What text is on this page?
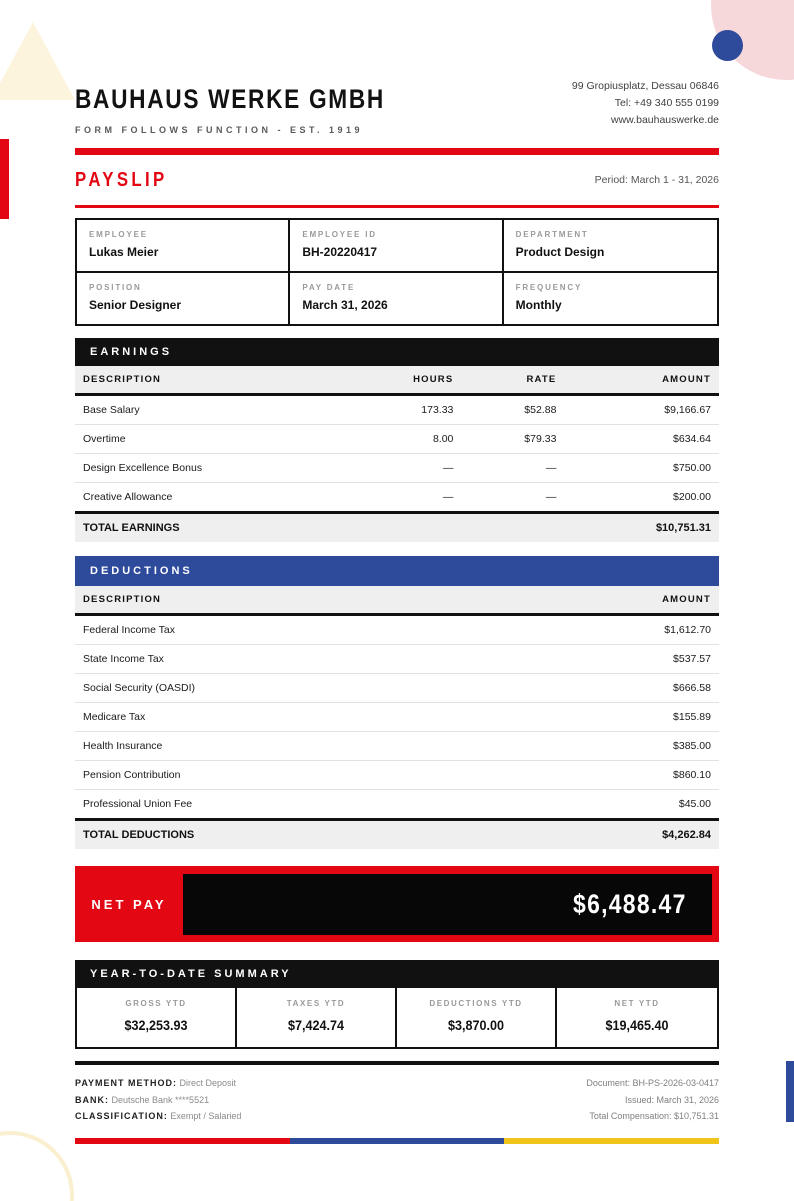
BAUHAUS WERKE GMBH
FORM FOLLOWS FUNCTION - EST. 1919
99 Gropiusplatz, Dessau 06846
Tel: +49 340 555 0199
www.bauhauswerke.de
PAYSLIP	Period: March 1 - 31, 2026
EMPLOYEE
Lukas Meier
EMPLOYEE ID
BH-20220417
DEPARTMENT
Product Design
POSITION
Senior Designer
PAY DATE
March 31, 2026
FREQUENCY
Monthly
EARNINGS
DESCRIPTION	HOURS	RATE	AMOUNT
Base Salary	173.33	$52.88	$9,166.67
Overtime	8.00	$79.33	$634.64
Design Excellence Bonus	—	—	$750.00
Creative Allowance	—	—	$200.00
TOTAL EARNINGS			$10,751.31
DEDUCTIONS
DESCRIPTION	AMOUNT
Federal Income Tax	$1,612.70
State Income Tax	$537.57
Social Security (OASDI)	$666.58
Medicare Tax	$155.89
Health Insurance	$385.00
Pension Contribution	$860.10
Professional Union Fee	$45.00
TOTAL DEDUCTIONS	$4,262.84
NET PAY	$6,488.47
YEAR-TO-DATE SUMMARY
GROSS YTD
$32,253.93
TAXES YTD
$7,424.74
DEDUCTIONS YTD
$3,870.00
NET YTD
$19,465.40
PAYMENT METHOD: Direct Deposit
BANK: Deutsche Bank ****5521
CLASSIFICATION: Exempt / Salaried
Document: BH-PS-2026-03-0417
Issued: March 31, 2026
Total Compensation: $10,751.31
